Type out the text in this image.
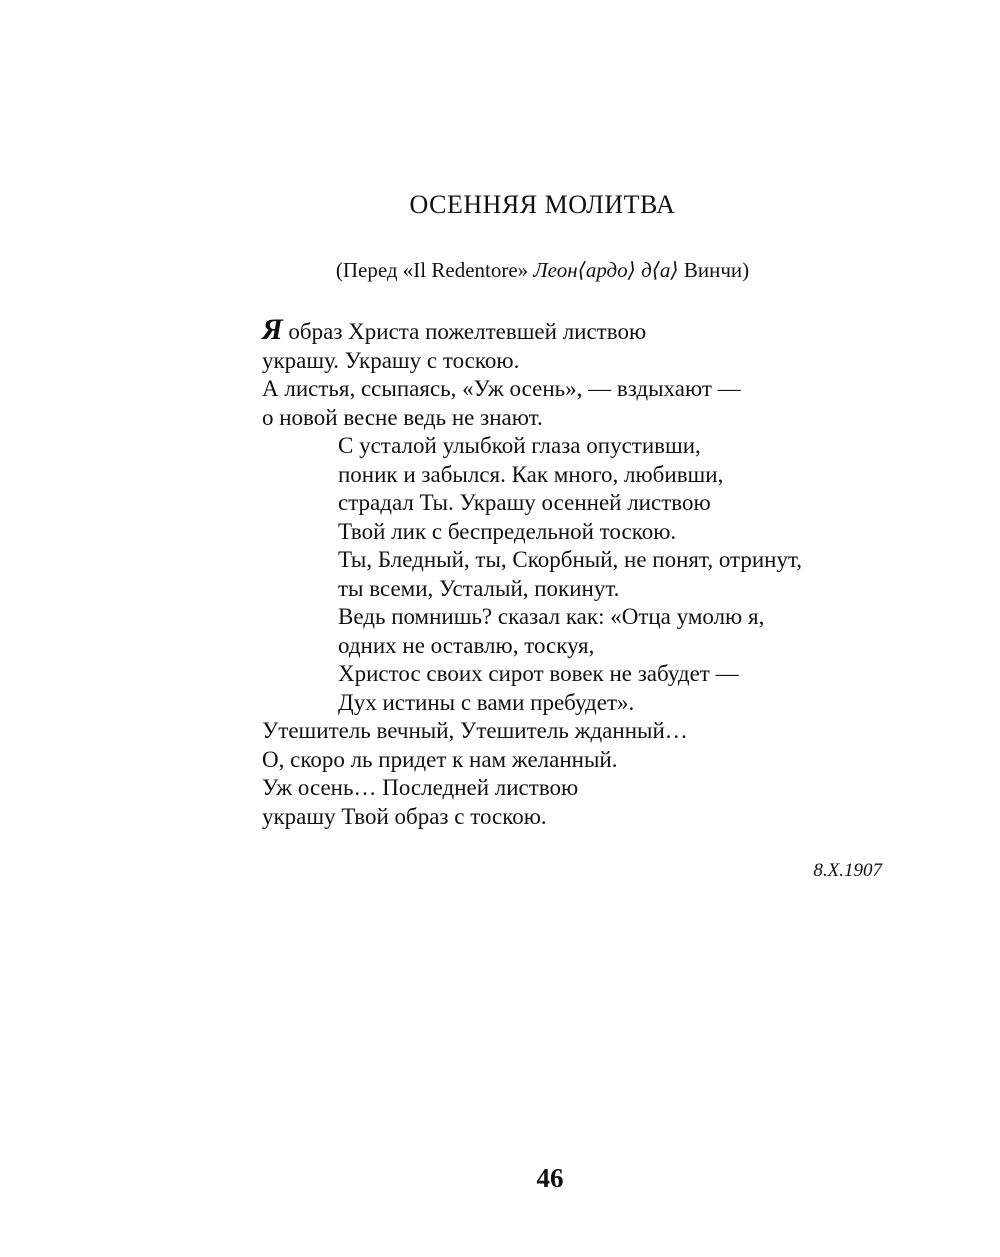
ОСЕННЯЯ МОЛИТВА
(Перед «Il Redentore» Леон⟨ардо⟩ д⟨а⟩ Винчи)
Я образ Христа пожелтевшей листвою
украшу. Украшу с тоскою.
А листья, ссыпаясь, «Уж осень», — вздыхают —
о новой весне ведь не знают.
С усталой улыбкой глаза опустивши,
поник и забылся. Как много, любивши,
страдал Ты. Украшу осенней листвою
Твой лик с беспредельной тоскою.
Ты, Бледный, ты, Скорбный, не понят, отринут,
ты всеми, Усталый, покинут.
Ведь помнишь? сказал как: «Отца умолю я,
одних не оставлю, тоскуя,
Христос своих сирот вовек не забудет —
Дух истины с вами пребудет».
Утешитель вечный, Утешитель жданный…
О, скоро ль придет к нам желанный.
Уж осень… Последней листвою
украшу Твой образ с тоскою.
8.X.1907
46
